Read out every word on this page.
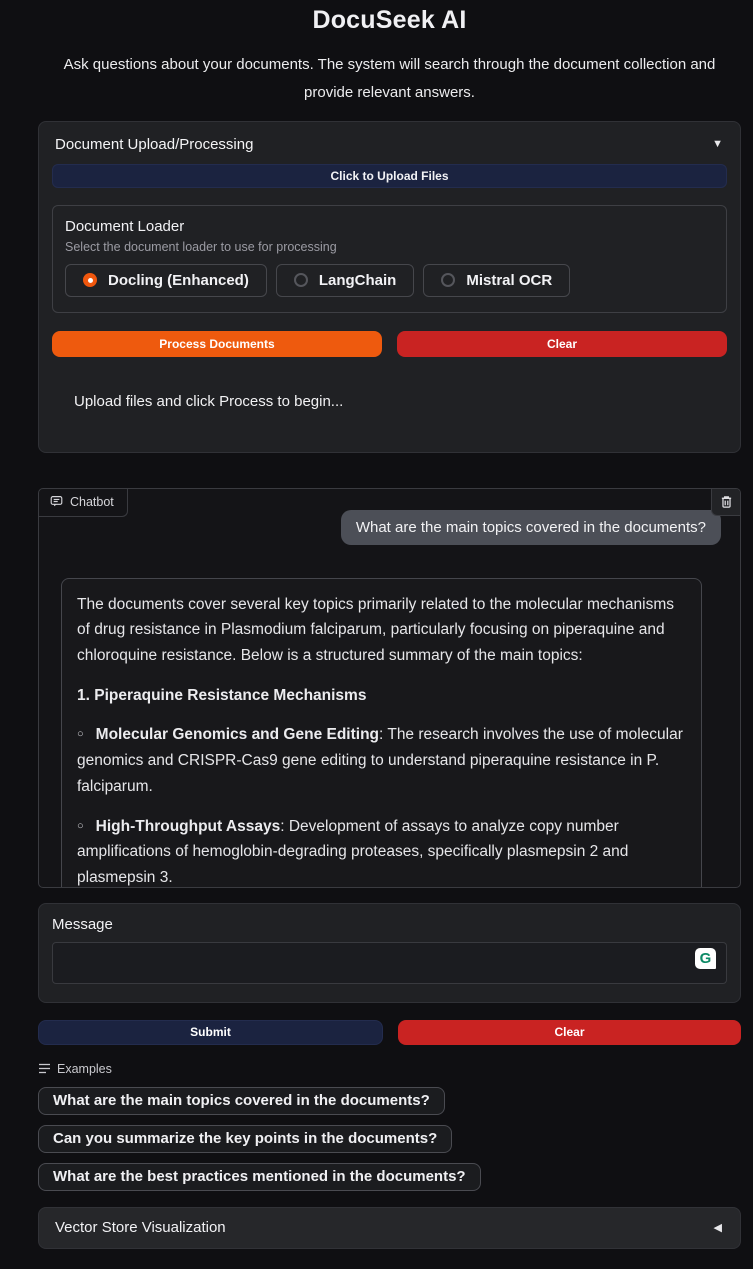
DocuSeek AI

Ask questions about your documents. The system will search through the document collection and provide relevant answers.

Document Upload/Processing	▼
Click to Upload Files
Document Loader
Select the document loader to use for processing
Docling (Enhanced)	LangChain	Mistral OCR
Process Documents	Clear
Upload files and click Process to begin...
Chatbot
What are the main topics covered in the documents?

The documents cover several key topics primarily related to the molecular mechanisms of drug resistance in Plasmodium falciparum, particularly focusing on piperaquine and chloroquine resistance. Below is a structured summary of the main topics:

1. Piperaquine Resistance Mechanisms

○ Molecular Genomics and Gene Editing: The research involves the use of molecular genomics and CRISPR-Cas9 gene editing to understand piperaquine resistance in P. falciparum.

○ High-Throughput Assays: Development of assays to analyze copy number amplifications of hemoglobin-degrading proteases, specifically plasmepsin 2 and plasmepsin 3.

Message
G
Submit	Clear
Examples
What are the main topics covered in the documents?
Can you summarize the key points in the documents?
What are the best practices mentioned in the documents?
Vector Store Visualization	◀
